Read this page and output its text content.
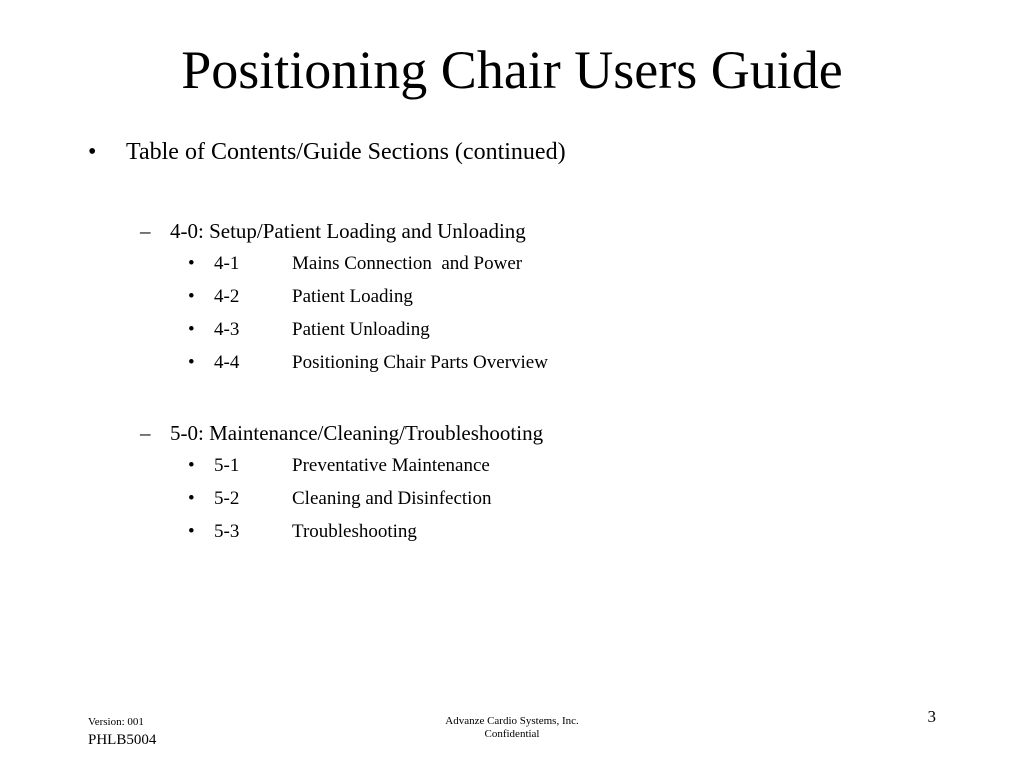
Positioning Chair Users Guide
• Table of Contents/Guide Sections (continued)
– 4-0: Setup/Patient Loading and Unloading
• 4-1	Mains Connection  and Power
• 4-2	Patient Loading
• 4-3	Patient Unloading
• 4-4	Positioning Chair Parts Overview
– 5-0: Maintenance/Cleaning/Troubleshooting
• 5-1	Preventative Maintenance
• 5-2	Cleaning and Disinfection
• 5-3	Troubleshooting
Version: 001
PHLB5004
Advanze Cardio Systems, Inc.
Confidential
3
